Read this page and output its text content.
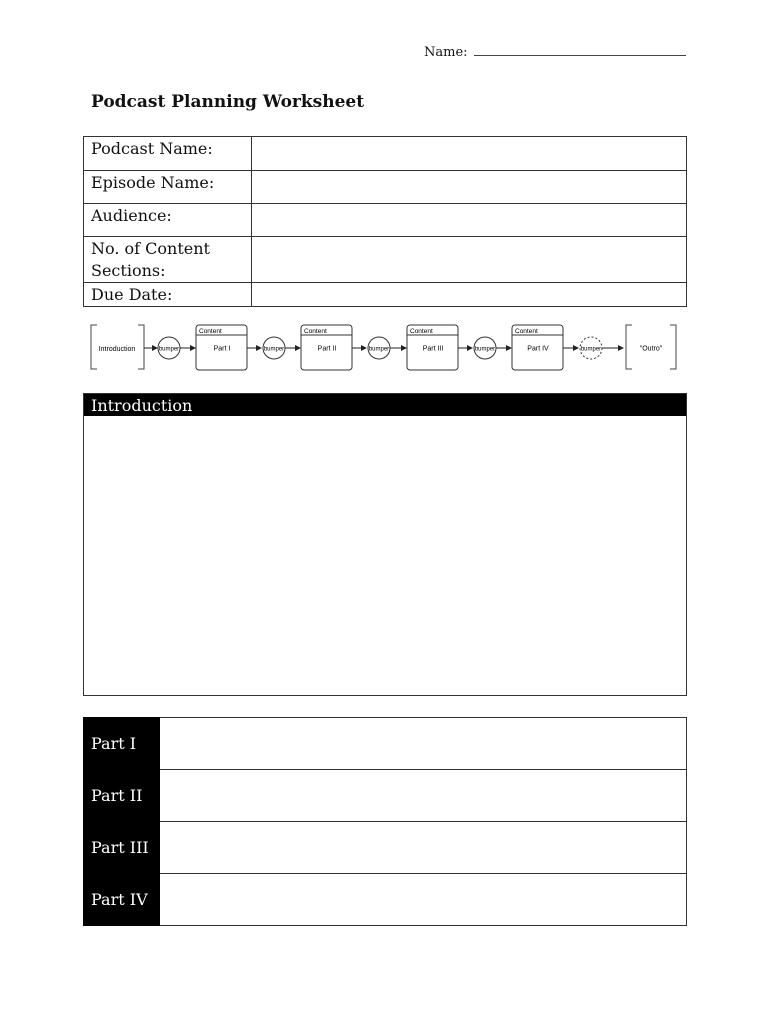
Name:
Podcast Planning Worksheet
Podcast Name:	
Episode Name:	
Audience:	
No. of Content Sections:	
Due Date:	
Introduction	bumper
Content
Part I	bumper
Content
Part II	bumper
Content
Part III	bumper
Content
Part IV	bumper	"Outro"
Introduction
Part I	
Part II	
Part III	
Part IV	
